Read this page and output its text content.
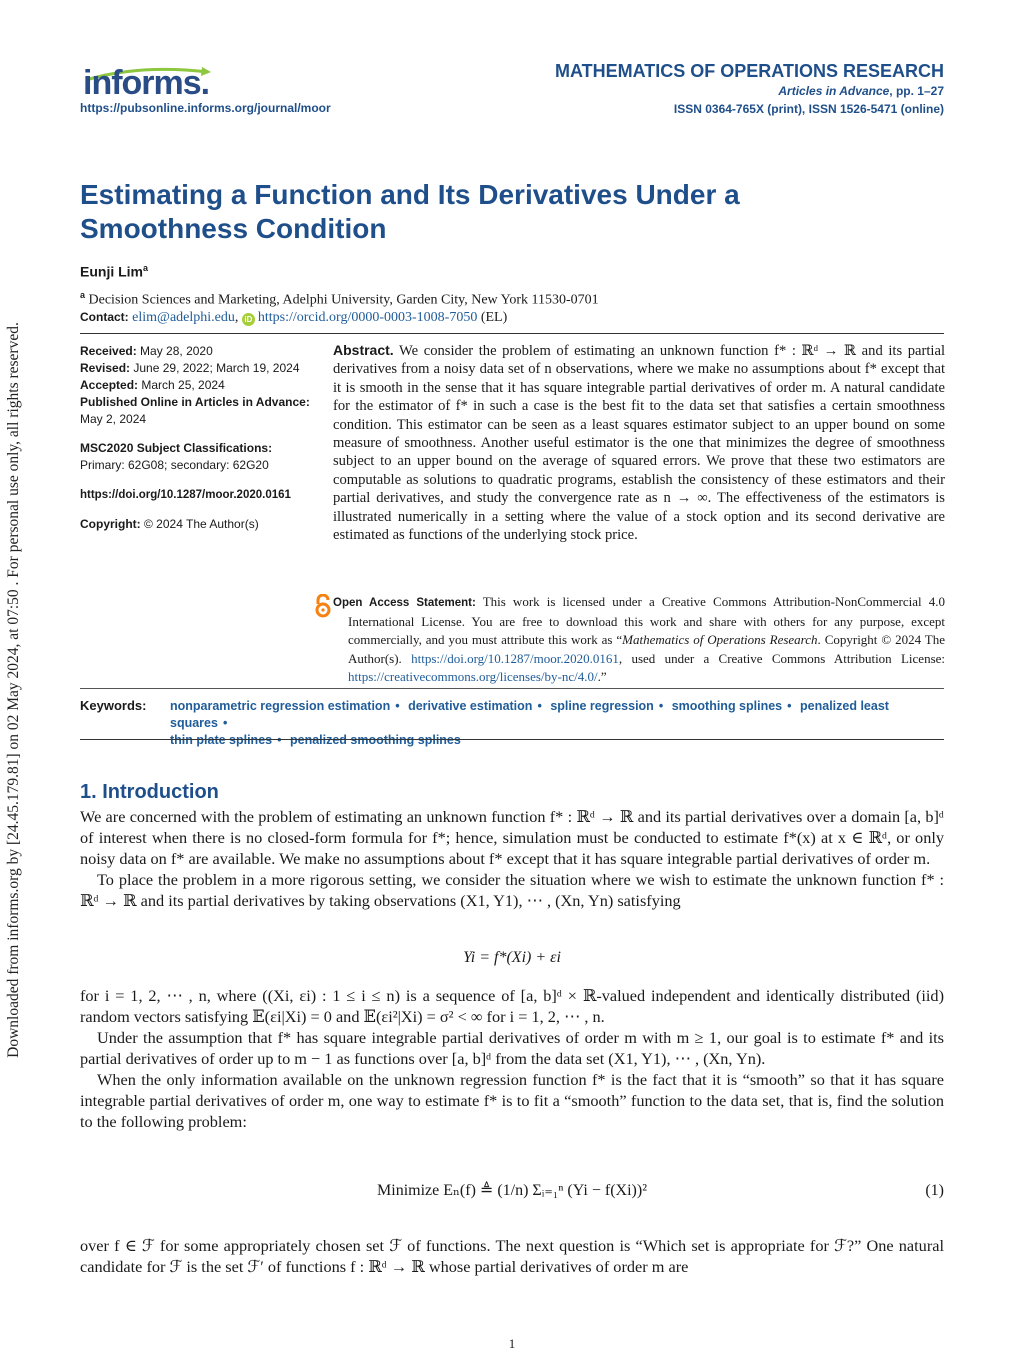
Downloaded from informs.org by [24.45.179.81] on 02 May 2024, at 07:50 . For personal use only, all rights reserved.
informs.
https://pubsonline.informs.org/journal/moor
MATHEMATICS OF OPERATIONS RESEARCH
Articles in Advance, pp. 1–27
ISSN 0364-765X (print), ISSN 1526-5471 (online)
Estimating a Function and Its Derivatives Under a Smoothness Condition
Eunji Lim$^a$
$^a$ Decision Sciences and Marketing, Adelphi University, Garden City, New York 11530-0701
Contact: elim@adelphi.edu, iD https://orcid.org/0000-0003-1008-7050 (EL)
Received: May 28, 2020
Revised: June 29, 2022; March 19, 2024
Accepted: March 25, 2024

Published Online in Articles in Advance:
May 2, 2024

MSC2020 Subject Classifications: Primary: 62G08; secondary: 62G20

https://doi.org/10.1287/moor.2020.0161

Copyright: © 2024 The Author(s)

Abstract. We consider the problem of estimating an unknown function f* : ℝᵈ → ℝ and its partial derivatives from a noisy data set of n observations, where we make no assumptions about f* except that it is smooth in the sense that it has square integrable partial derivatives of order m. A natural candidate for the estimator of f* in such a case is the best fit to the data set that satisfies a certain smoothness condition. This estimator can be seen as a least squares estimator subject to an upper bound on some measure of smoothness. Another useful estimator is the one that minimizes the degree of smoothness subject to an upper bound on the average of squared errors. We prove that these two estimators are computable as solutions to quadratic programs, establish the consistency of these estimators and their partial derivatives, and study the convergence rate as n → ∞. The effectiveness of the estimators is illustrated numerically in a setting where the value of a stock option and its second derivative are estimated as functions of the underlying stock price.
Open Access Statement: This work is licensed under a Creative Commons Attribution-NonCommercial 4.0 International License. You are free to download this work and share with others for any purpose, except commercially, and you must attribute this work as “Mathematics of Operations Research. Copyright © 2024 The Author(s). https://doi.org/10.1287/moor.2020.0161, used under a Creative Commons Attribution License: https://creativecommons.org/licenses/by-nc/4.0/.”
Keywords: nonparametric regression estimation • derivative estimation • spline regression • smoothing splines • penalized least squares •
thin plate splines • penalized smoothing splines
1. Introduction

We are concerned with the problem of estimating an unknown function f* : ℝᵈ → ℝ and its partial derivatives over a domain [a, b]ᵈ of interest when there is no closed-form formula for f*; hence, simulation must be conducted to estimate f*(x) at x ∈ ℝᵈ, or only noisy data on f* are available. We make no assumptions about f* except that it has square integrable partial derivatives of order m.

To place the problem in a more rigorous setting, we consider the situation where we wish to estimate the unknown function f* : ℝᵈ → ℝ and its partial derivatives by taking observations (X1, Y1), ⋯ , (Xn, Yn) satisfying

Yi = f*(Xi) + εi

for i = 1, 2, ⋯ , n, where ((Xi, εi) : 1 ≤ i ≤ n) is a sequence of [a, b]ᵈ × ℝ-valued independent and identically distributed (iid) random vectors satisfying 𝔼(εi|Xi) = 0 and 𝔼(εi²|Xi) = σ² < ∞ for i = 1, 2, ⋯ , n.

Under the assumption that f* has square integrable partial derivatives of order m with m ≥ 1, our goal is to estimate f* and its partial derivatives of order up to m − 1 as functions over [a, b]ᵈ from the data set (X1, Y1), ⋯ , (Xn, Yn).

When the only information available on the unknown regression function f* is the fact that it is “smooth” so that it has square integrable partial derivatives of order m, one way to estimate f* is to fit a “smooth” function to the data set, that is, find the solution to the following problem:

Minimize Eₙ(f) ≜ (1/n) Σᵢ₌₁ⁿ (Yi − f(Xi))²	(1)

over f ∈ ℱ for some appropriately chosen set ℱ of functions. The next question is “Which set is appropriate for ℱ?” One natural candidate for ℱ is the set ℱ′ of functions f : ℝᵈ → ℝ whose partial derivatives of order m are

1
